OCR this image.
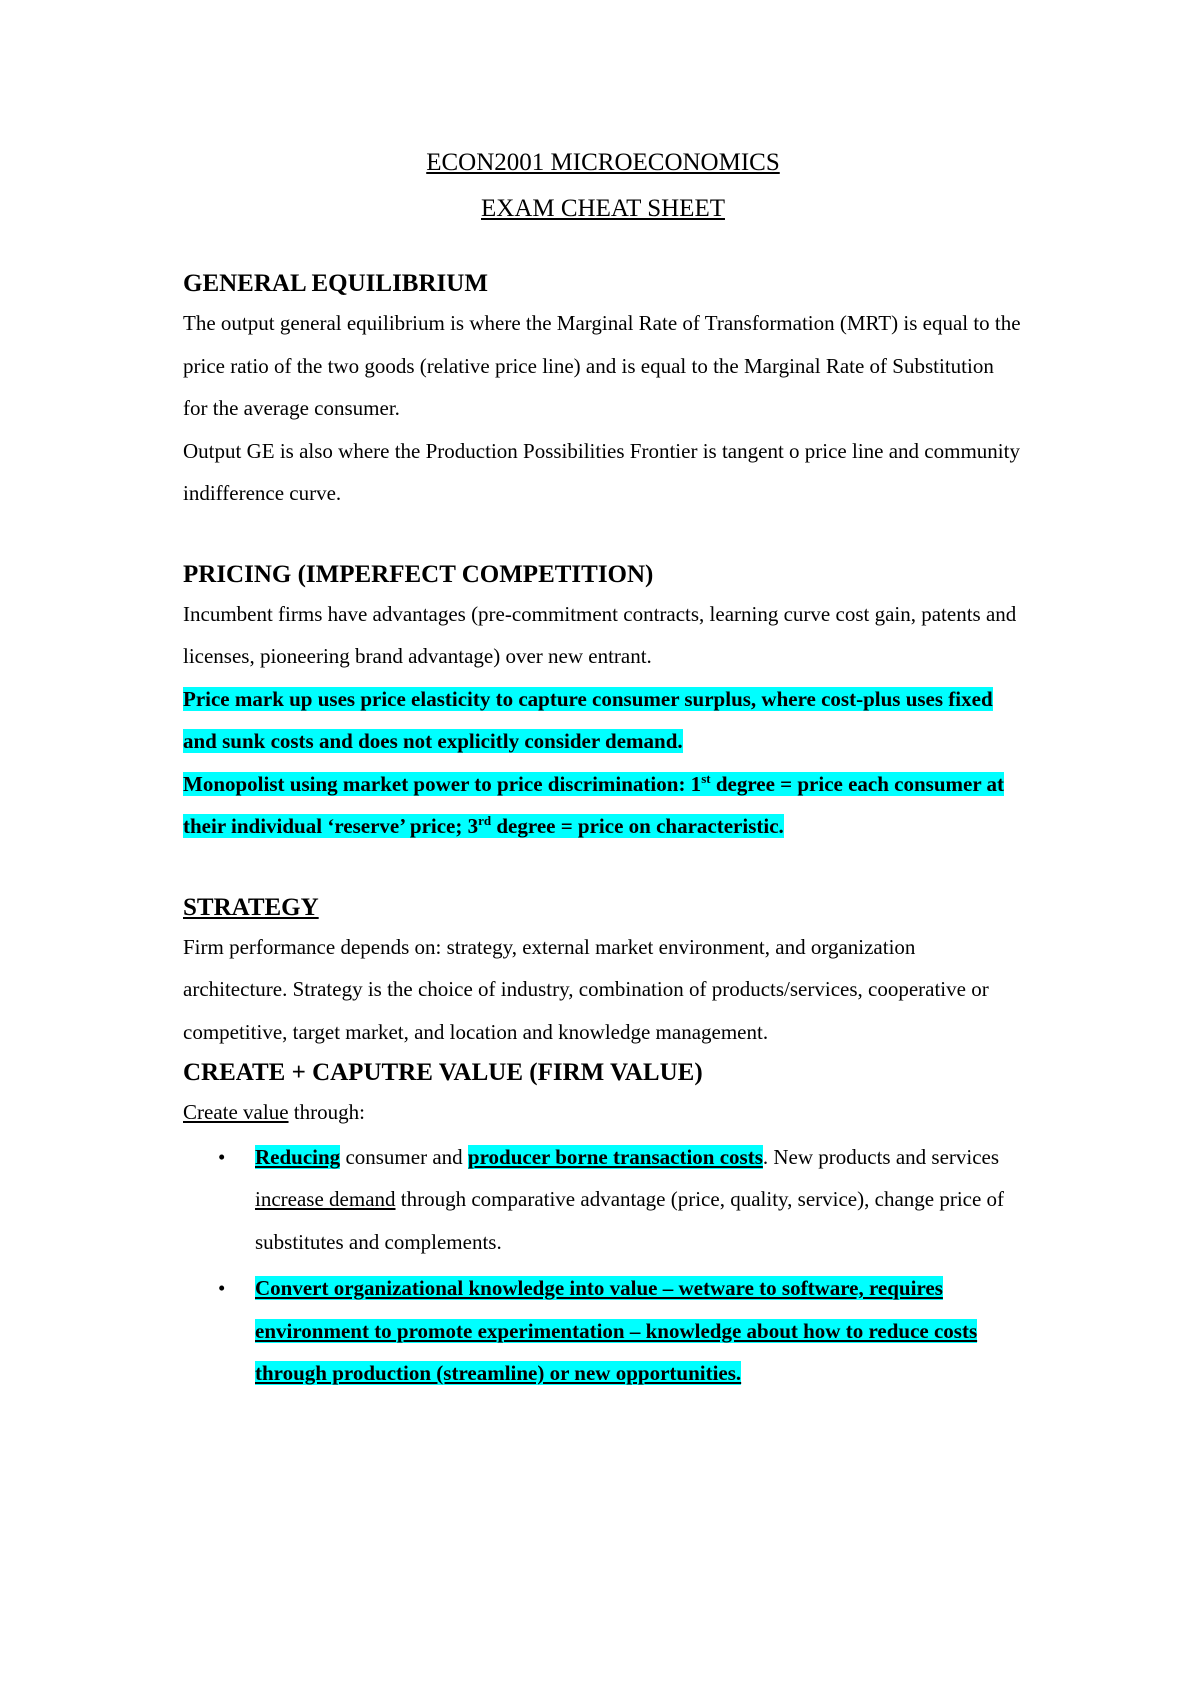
ECON2001 MICROECONOMICS

EXAM CHEAT SHEET

GENERAL EQUILIBRIUM

The output general equilibrium is where the Marginal Rate of Transformation (MRT) is equal to the price ratio of the two goods (relative price line) and is equal to the Marginal Rate of Substitution for the average consumer.

Output GE is also where the Production Possibilities Frontier is tangent o price line and community indifference curve.

PRICING (IMPERFECT COMPETITION)

Incumbent firms have advantages (pre-commitment contracts, learning curve cost gain, patents and licenses, pioneering brand advantage) over new entrant.

Price mark up uses price elasticity to capture consumer surplus, where cost-plus uses fixed and sunk costs and does not explicitly consider demand.

Monopolist using market power to price discrimination: 1st degree = price each consumer at their individual ‘reserve’ price; 3rd degree = price on characteristic.

STRATEGY

Firm performance depends on: strategy, external market environment, and organization architecture. Strategy is the choice of industry, combination of products/services, cooperative or competitive, target market, and location and knowledge management.

CREATE + CAPUTRE VALUE (FIRM VALUE)

Create value through:

• Reducing consumer and producer borne transaction costs. New products and services increase demand through comparative advantage (price, quality, service), change price of substitutes and complements.
• Convert organizational knowledge into value – wetware to software, requires environment to promote experimentation – knowledge about how to reduce costs through production (streamline) or new opportunities.
